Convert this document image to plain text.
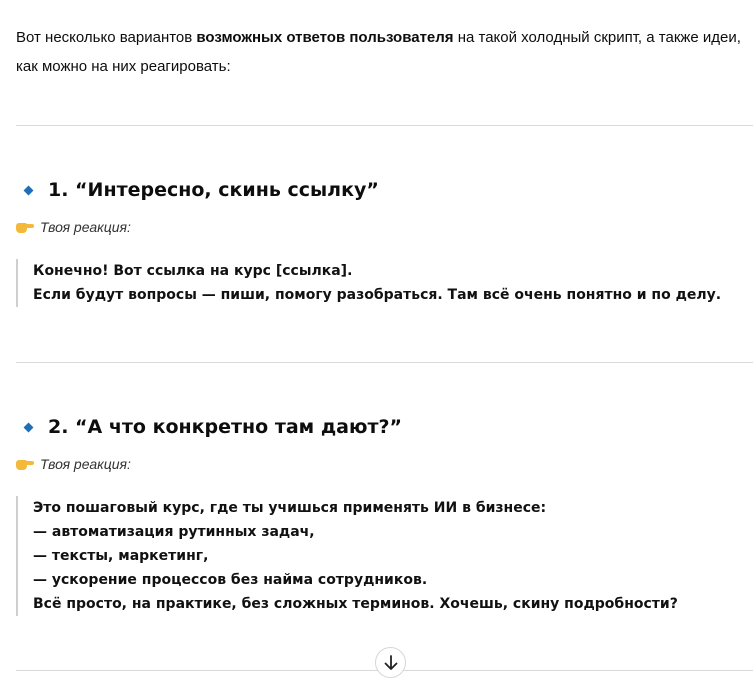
Вот несколько вариантов возможных ответов пользователя на такой холодный скрипт, а также идеи, как можно на них реагировать:
1. “Интересно, скинь ссылку”
Твоя реакция:
Конечно! Вот ссылка на курс [ссылка].
Если будут вопросы — пиши, помогу разобраться. Там всё очень понятно и по делу.
2. “А что конкретно там дают?”
Твоя реакция:
Это пошаговый курс, где ты учишься применять ИИ в бизнесе:
— автоматизация рутинных задач,
— тексты, маркетинг,
— ускорение процессов без найма сотрудников.
Всё просто, на практике, без сложных терминов. Хочешь, скину подробности?
